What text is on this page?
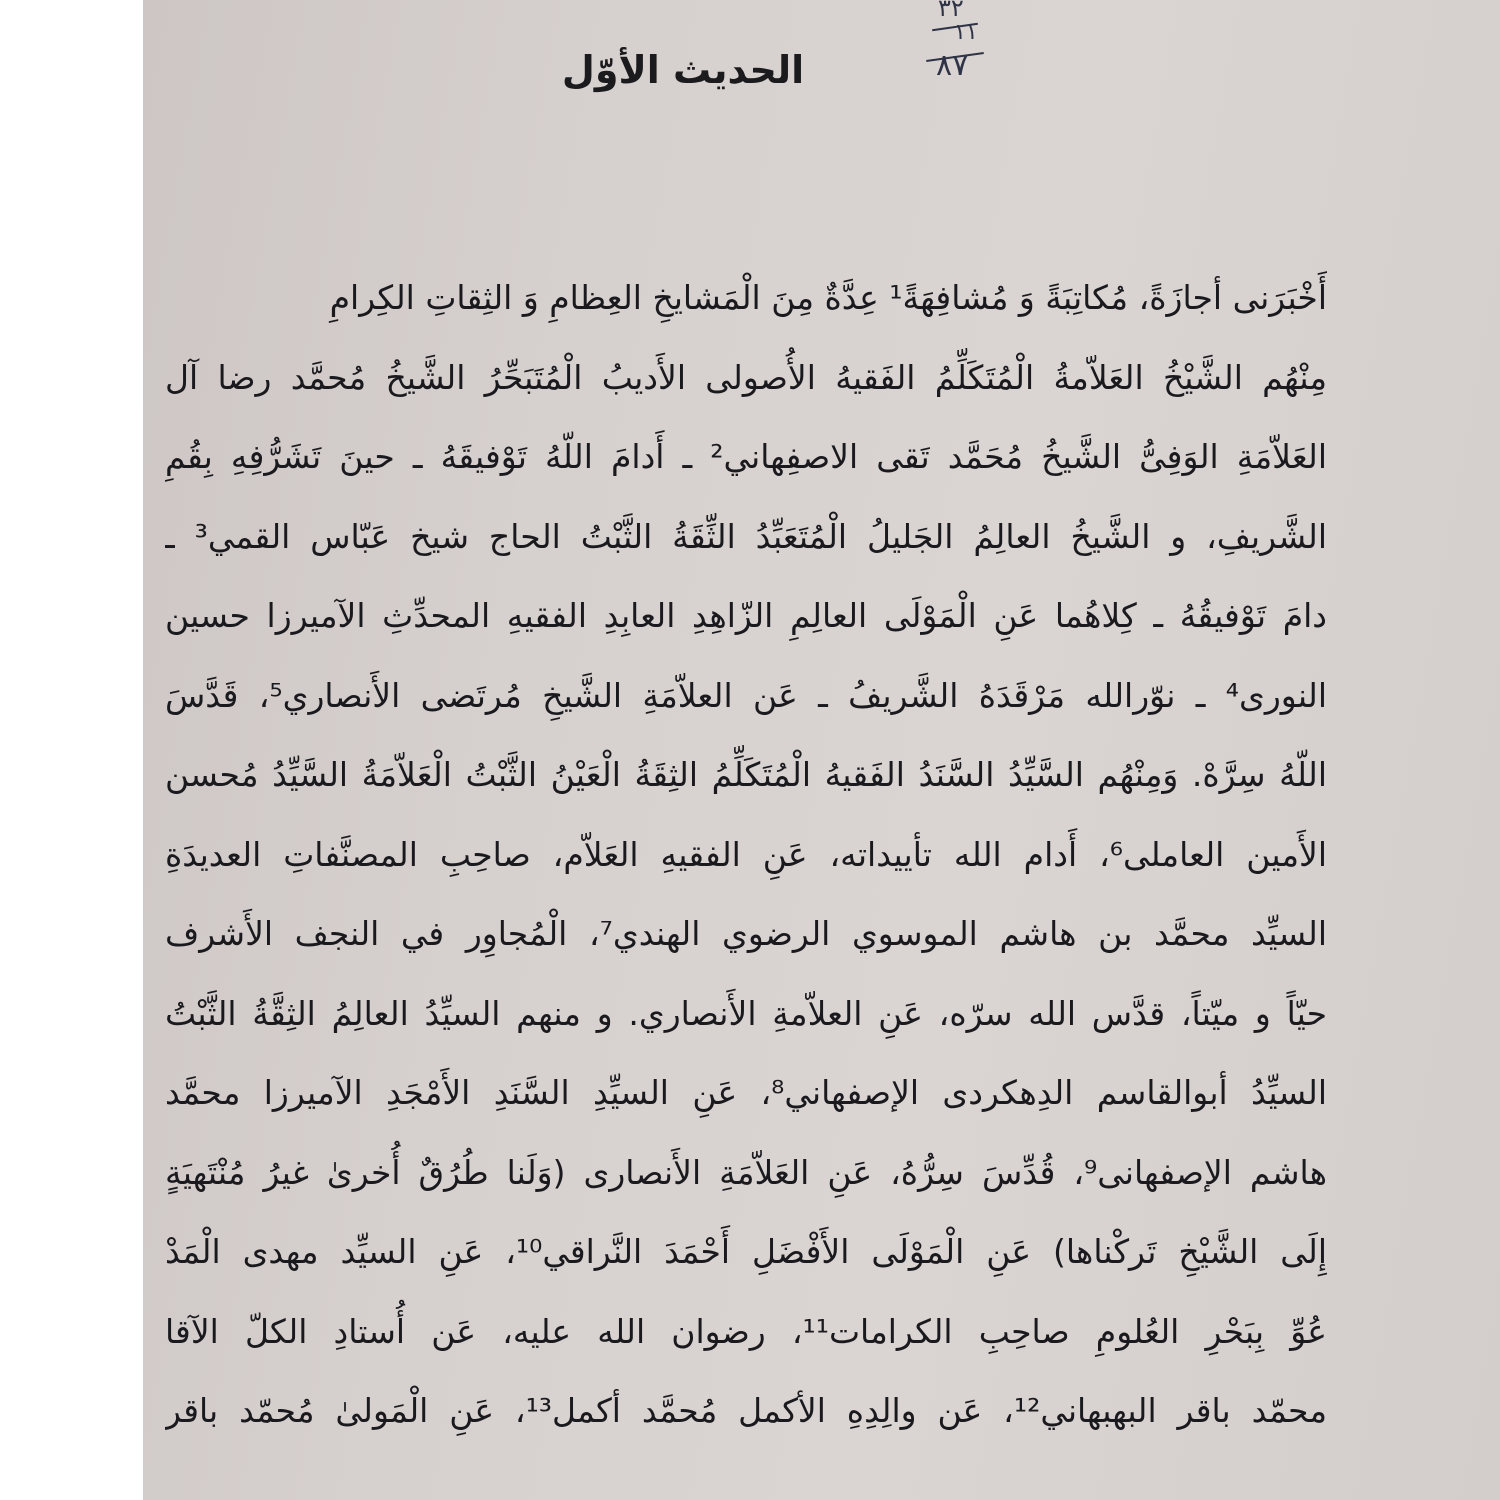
٣٢
١١
٨٧
الحديث الأوّل
أَخْبَرَنى أجازَةً، مُكاتِبَةً وَ مُشافِهَةً¹ عِدَّةٌ مِنَ الْمَشايخِ العِظامِ وَ الثِقاتِ الكِرامِ
مِنْهُم الشَّيْخُ العَلاّمةُ الْمُتَكَلِّمُ الفَقيهُ الأُصولى الأَديبُ الْمُتَبَحِّرُ الشَّيخُ مُحمَّد رضا آل
العَلاّمَةِ الوَفِىُّ الشَّيخُ مُحَمَّد تَقى الاصفِهاني² ـ أَدامَ اللّهُ تَوْفيقَهُ ـ حينَ تَشَرُّفِهِ بِقُمِ
الشَّريفِ، و الشَّيخُ العالِمُ الجَليلُ الْمُتَعَبِّدُ الثِّقَةُ الثَّبْتُ الحاج شيخ عَبّاس القمي³ ـ
دامَ تَوْفيقُهُ ـ كِلاهُما عَنِ الْمَوْلَى العالِمِ الزّاهِدِ العابِدِ الفقيهِ المحدِّثِ الآميرزا حسين
النورى⁴ ـ نوّرالله مَرْقَدَهُ الشَّريفُ ـ عَن العلاّمَةِ الشَّيخِ مُرتَضى الأَنصاري⁵، قَدَّسَ
اللّهُ سِرَّهْ. وَمِنْهُم السَّيِّدُ السَّنَدُ الفَقيهُ الْمُتَكَلِّمُ الثِقَةُ الْعَيْنُ الثَّبْتُ الْعَلاّمَةُ السَّيِّدُ مُحسن
الأَمين العاملى⁶، أَدام الله تأييداته، عَنِ الفقيهِ العَلاّم، صاحِبِ المصنَّفاتِ العديدَةِ
السيِّد محمَّد بن هاشم الموسوي الرضوي الهندي⁷، الْمُجاوِر في النجف الأَشرف
حيّاً و ميّتاً، قدَّس الله سرّه، عَنِ العلاّمةِ الأَنصاري. و منهم السيِّدُ العالِمُ الثِقَّةُ الثَّبْتُ
السيِّدُ أبوالقاسم الدِهكردى الإصفهاني⁸، عَنِ السيِّدِ السَّنَدِ الأَمْجَدِ الآميرزا محمَّد
هاشم الإصفهانى⁹، قُدِّسَ سِرُّهُ، عَنِ العَلاّمَةِ الأَنصارى (وَلَنا طُرُقٌ أُخرىٰ غيرُ مُنْتَهيَةٍ
إِلَى الشَّيْخِ تَركْناها) عَنِ الْمَوْلَى الأَفْضَلِ أَحْمَدَ النَّراقي¹⁰، عَنِ السيِّد مهدى الْمَدْ
عُوِّ بِبَحْرِ العُلومِ صاحِبِ الكرامات¹¹، رضوان الله عليه، عَن أُستادِ الكلّ الآقا
محمّد باقر البهبهاني¹²، عَن والِدِهِ الأكمل مُحمَّد أكمل¹³، عَنِ الْمَولىٰ مُحمّد باقر
